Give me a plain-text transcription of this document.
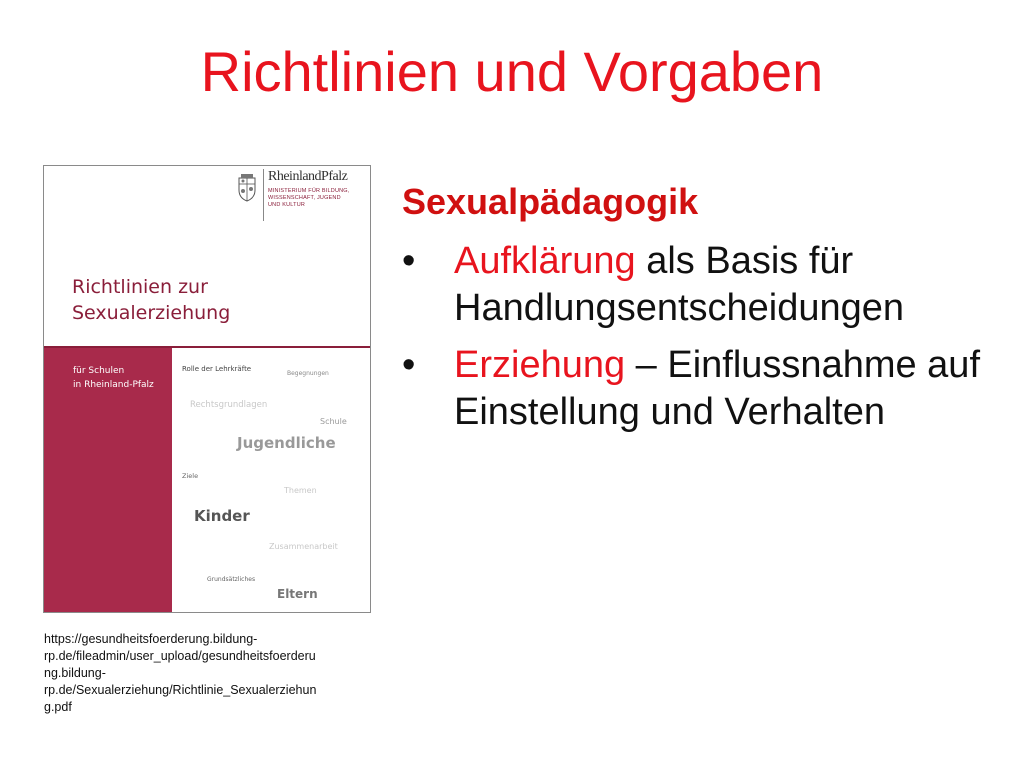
Richtlinien und Vorgaben
RheinlandPfalz
MINISTERIUM FÜR BILDUNG,
WISSENSCHAFT, JUGEND
UND KULTUR
Richtlinien zur
Sexualerziehung
für Schulen
in Rheinland-Pfalz
Rolle der Lehrkräfte
Begegnungen
Rechtsgrundlagen
Schule
Jugendliche
Ziele
Themen
Kinder
Zusammenarbeit
Grundsätzliches
Eltern
https://gesundheitsfoerderung.bildung-
rp.de/fileadmin/user_upload/gesundheitsfoerderu
ng.bildung-
rp.de/Sexualerziehung/Richtlinie_Sexualerziehun
g.pdf
Sexualpädagogik
•	Aufklärung als Basis für Handlungsentscheidungen
•	Erziehung – Einflussnahme auf Einstellung und Verhalten
